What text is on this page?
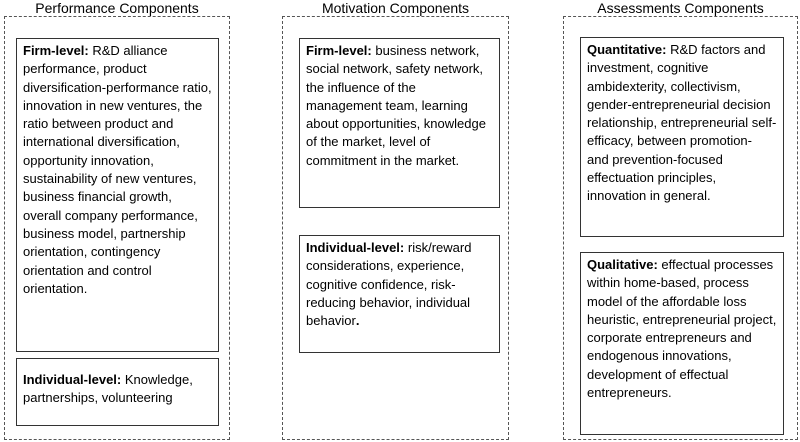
Performance Components
Firm-level: R&D alliance performance, product diversification-performance ratio, innovation in new ventures, the ratio between product and international diversification, opportunity innovation, sustainability of new ventures, business financial growth, overall company performance, business model, partnership orientation, contingency orientation and control orientation.
Individual-level: Knowledge, partnerships, volunteering
Motivation Components
Firm-level: business network, social network, safety network, the influence of the management team, learning about opportunities, knowledge of the market, level of commitment in the market.
Individual-level: risk/reward considerations, experience, cognitive confidence, risk-reducing behavior, individual behavior.
Assessments Components
Quantitative: R&D factors and investment, cognitive ambidexterity, collectivism, gender-entrepreneurial decision relationship, entrepreneurial self-efficacy, between promotion- and prevention-focused effectuation principles, innovation in general.
Qualitative: effectual processes within home-based, process model of the affordable loss heuristic, entrepreneurial project, corporate entrepreneurs and endogenous innovations, development of effectual entrepreneurs.
